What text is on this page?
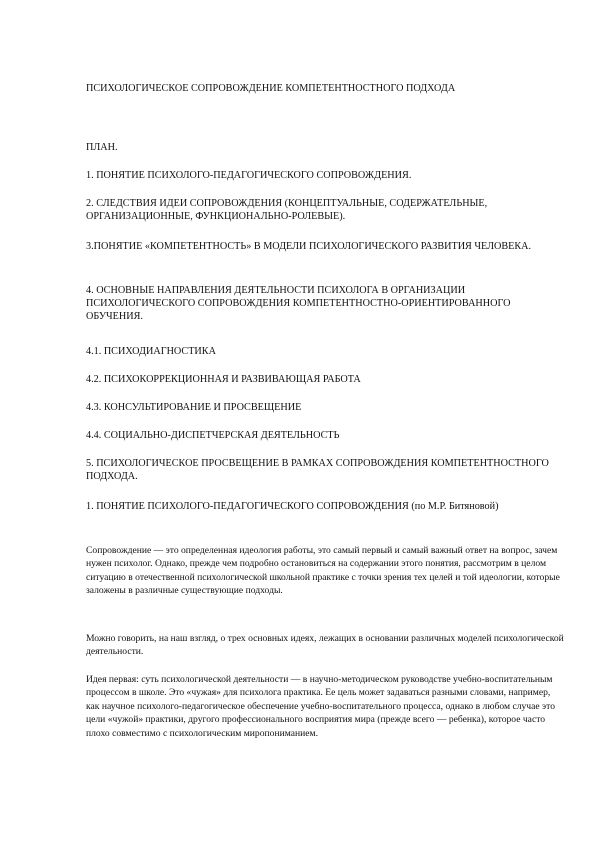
ПСИХОЛОГИЧЕСКОЕ СОПРОВОЖДЕНИЕ КОМПЕТЕНТНОСТНОГО ПОДХОДА
ПЛАН.
1. ПОНЯТИЕ ПСИХОЛОГО-ПЕДАГОГИЧЕСКОГО СОПРОВОЖДЕНИЯ.
2. СЛЕДСТВИЯ ИДЕИ СОПРОВОЖДЕНИЯ (КОНЦЕПТУАЛЬНЫЕ, СОДЕРЖАТЕЛЬНЫЕ, ОРГАНИЗАЦИОННЫЕ, ФУНКЦИОНАЛЬНО-РОЛЕВЫЕ).
3.ПОНЯТИЕ «КОМПЕТЕНТНОСТЬ» В МОДЕЛИ ПСИХОЛОГИЧЕСКОГО РАЗВИТИЯ ЧЕЛОВЕКА.
4. ОСНОВНЫЕ НАПРАВЛЕНИЯ ДЕЯТЕЛЬНОСТИ ПСИХОЛОГА В ОРГАНИЗАЦИИ ПСИХОЛОГИЧЕСКОГО СОПРОВОЖДЕНИЯ КОМПЕТЕНТНОСТНО-ОРИЕНТИРОВАННОГО ОБУЧЕНИЯ.
4.1. ПСИХОДИАГНОСТИКА
4.2. ПСИХОКОРРЕКЦИОННАЯ И РАЗВИВАЮЩАЯ РАБОТА
4.3. КОНСУЛЬТИРОВАНИЕ И ПРОСВЕЩЕНИЕ
4.4. СОЦИАЛЬНО-ДИСПЕТЧЕРСКАЯ ДЕЯТЕЛЬНОСТЬ
5. ПСИХОЛОГИЧЕСКОЕ ПРОСВЕЩЕНИЕ В РАМКАХ СОПРОВОЖДЕНИЯ КОМПЕТЕНТНОСТНОГО ПОДХОДА.
1. ПОНЯТИЕ ПСИХОЛОГО-ПЕДАГОГИЧЕСКОГО СОПРОВОЖДЕНИЯ (по М.Р. Битяновой)
Сопровождение — это определенная идеология работы, это самый первый и самый важный ответ на вопрос, зачем нужен психолог. Однако, прежде чем подробно остановиться на содержании этого понятия, рассмотрим в целом ситуацию в отечественной психологической школьной практике с точки зрения тех целей и той идеологии, которые заложены в различные существующие подходы.
Можно говорить, на наш взгляд, о трех основных идеях, лежащих в основании различных моделей психологической деятельности.
Идея первая: суть психологической деятельности — в научно-методическом руководстве учебно-воспитательным процессом в школе. Это «чужая» для психолога практика. Ее цель может задаваться разными словами, например, как научное психолого-педагогическое обеспечение учебно-воспитательного процесса, однако в любом случае это цели «чужой» практики, другого профессионального восприятия мира (прежде всего — ребенка), которое часто плохо совместимо с психологическим миропониманием.
